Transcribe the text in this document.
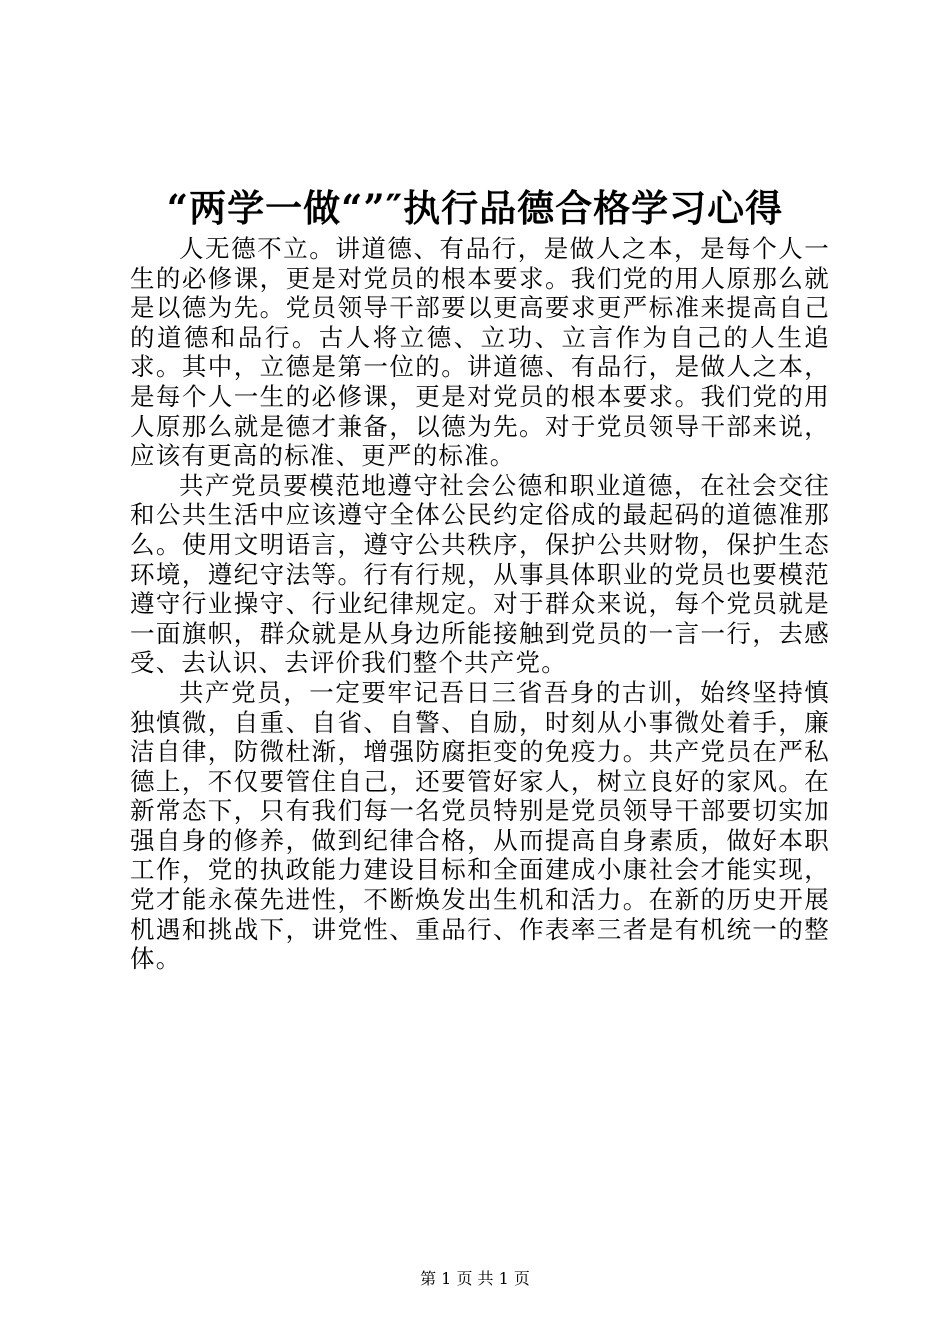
“两学一做“”″执行品德合格学习心得

人无德不立。讲道德、有品行，是做人之本，是每个人一生的必修课，更是对党员的根本要求。我们党的用人原那么就是以德为先。党员领导干部要以更高要求更严标准来提高自己的道德和品行。古人将立德、立功、立言作为自己的人生追求。其中，立德是第一位的。讲道德、有品行，是做人之本，是每个人一生的必修课，更是对党员的根本要求。我们党的用人原那么就是德才兼备，以德为先。对于党员领导干部来说，应该有更高的标准、更严的标准。

共产党员要模范地遵守社会公德和职业道德，在社会交往和公共生活中应该遵守全体公民约定俗成的最起码的道德准那么。使用文明语言，遵守公共秩序，保护公共财物，保护生态环境，遵纪守法等。行有行规，从事具体职业的党员也要模范遵守行业操守、行业纪律规定。对于群众来说，每个党员就是一面旗帜，群众就是从身边所能接触到党员的一言一行，去感受、去认识、去评价我们整个共产党。

共产党员，一定要牢记吾日三省吾身的古训，始终坚持慎独慎微，自重、自省、自警、自励，时刻从小事微处着手，廉洁自律，防微杜渐，增强防腐拒变的免疫力。共产党员在严私德上，不仅要管住自己，还要管好家人，树立良好的家风。在新常态下，只有我们每一名党员特别是党员领导干部要切实加强自身的修养，做到纪律合格，从而提高自身素质，做好本职工作，党的执政能力建设目标和全面建成小康社会才能实现，党才能永葆先进性，不断焕发出生机和活力。在新的历史开展机遇和挑战下，讲党性、重品行、作表率三者是有机统一的整体。

第 1 页 共 1 页
